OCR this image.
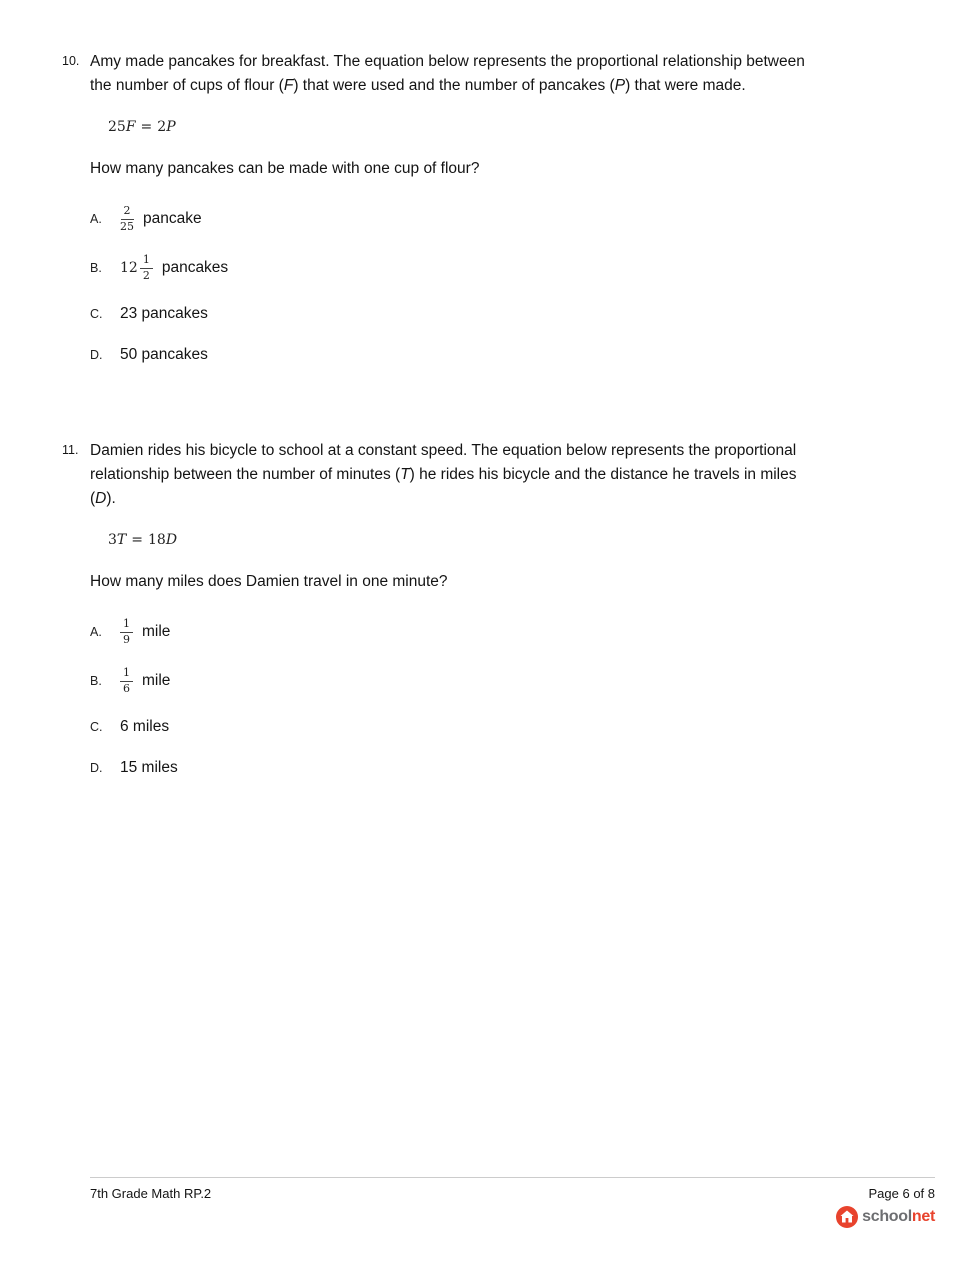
10. Amy made pancakes for breakfast. The equation below represents the proportional relationship between the number of cups of flour (F) that were used and the number of pancakes (P) that were made.
25F = 2P
How many pancakes can be made with one cup of flour?
A.	$\frac{2}{25}$ pancake
B.	$12 \frac{1}{2}$ pancakes
C.	23 pancakes
D.	50 pancakes
11. Damien rides his bicycle to school at a constant speed. The equation below represents the proportional relationship between the number of minutes (T) he rides his bicycle and the distance he travels in miles (D).
3T = 18D
How many miles does Damien travel in one minute?
A.	$\frac{1}{9}$ mile
B.	$\frac{1}{6}$ mile
C.	6 miles
D.	15 miles
7th Grade Math RP.2	Page 6 of 8
school net
